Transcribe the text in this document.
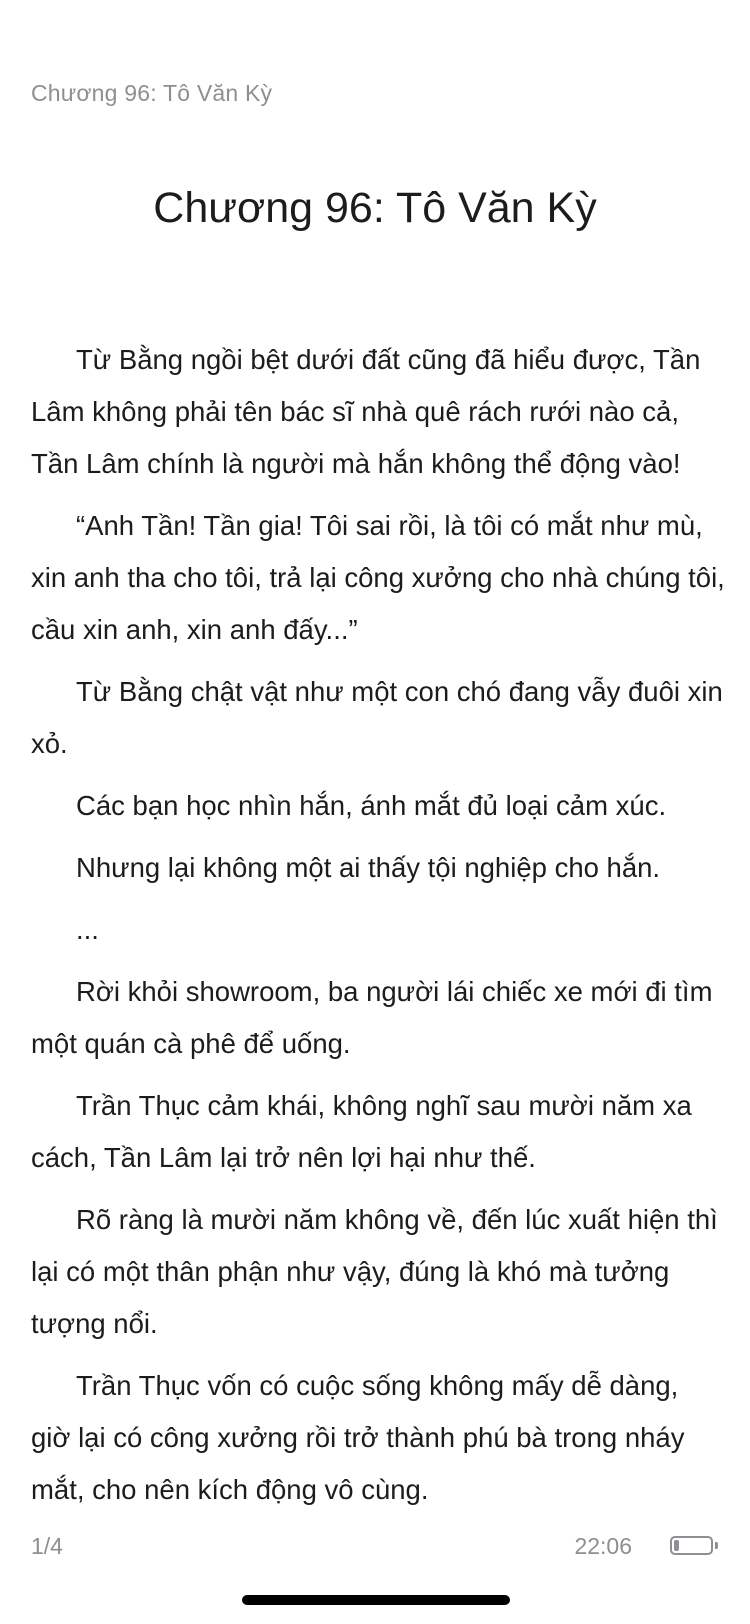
Chương 96: Tô Văn Kỳ
Chương 96: Tô Văn Kỳ

Từ Bằng ngồi bệt dưới đất cũng đã hiểu được, Tần Lâm không phải tên bác sĩ nhà quê rách rưới nào cả, Tần Lâm chính là người mà hắn không thể động vào!

“Anh Tần! Tần gia! Tôi sai rồi, là tôi có mắt như mù, xin anh tha cho tôi, trả lại công xưởng cho nhà chúng tôi, cầu xin anh, xin anh đấy...”

Từ Bằng chật vật như một con chó đang vẫy đuôi xin xỏ.

Các bạn học nhìn hắn, ánh mắt đủ loại cảm xúc.

Nhưng lại không một ai thấy tội nghiệp cho hắn.

...

Rời khỏi showroom, ba người lái chiếc xe mới đi tìm một quán cà phê để uống.

Trần Thục cảm khái, không nghĩ sau mười năm xa cách, Tần Lâm lại trở nên lợi hại như thế.

Rõ ràng là mười năm không về, đến lúc xuất hiện thì lại có một thân phận như vậy, đúng là khó mà tưởng tượng nổi.

Trần Thục vốn có cuộc sống không mấy dễ dàng, giờ lại có công xưởng rồi trở thành phú bà trong nháy mắt, cho nên kích động vô cùng.

1/4	22:06
